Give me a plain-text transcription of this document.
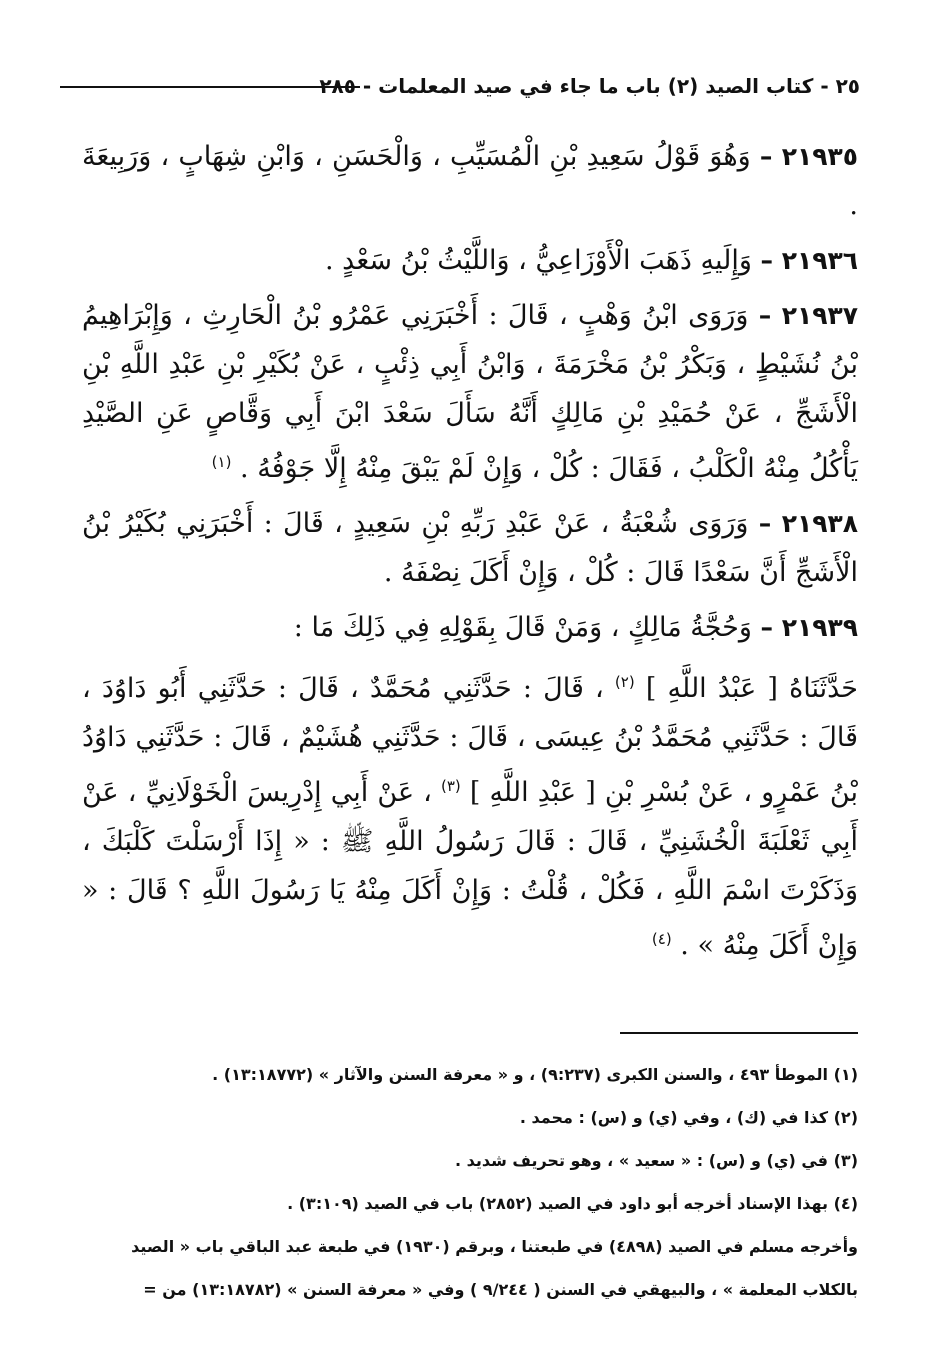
٢٥ - كتاب الصيد (٢) باب ما جاء في صيد المعلمات - ٢٨٥

٢١٩٣٥ – وَهُوَ قَوْلُ سَعِيدِ بْنِ الْمُسَيِّبِ ، وَالْحَسَنِ ، وَابْنِ شِهَابٍ ، وَرَبِيعَةَ .

٢١٩٣٦ – وَإِلَيهِ ذَهَبَ الْأَوْزَاعِيُّ ، وَاللَّيْثُ بْنُ سَعْدٍ .

٢١٩٣٧ – وَرَوَى ابْنُ وَهْبٍ ، قَالَ : أَخْبَرَنِي عَمْرُو بْنُ الْحَارِثِ ، وَإِبْرَاهِيمُ بْنُ نُشَيْطٍ ، وَبَكْرُ بْنُ مَخْرَمَةَ ، وَابْنُ أَبِي ذِئْبٍ ، عَنْ بُكَيْرِ بْنِ عَبْدِ اللَّهِ بْنِ الْأَشَجِّ ، عَنْ حُمَيْدِ بْنِ مَالِكٍ أَنَّهُ سَأَلَ سَعْدَ ابْنَ أَبِي وَقَّاصٍ عَنِ الصَّيْدِ يَأْكُلُ مِنْهُ الْكَلْبُ ، فَقَالَ : كُلْ ، وَإِنْ لَمْ يَبْقَ مِنْهُ إِلَّا جَوْفُهُ . $^{(١)}$

٢١٩٣٨ – وَرَوَى شُعْبَةُ ، عَنْ عَبْدِ رَبِّهِ بْنِ سَعِيدٍ ، قَالَ : أَخْبَرَنِي بُكَيْرُ بْنُ الْأَشَجِّ أَنَّ سَعْدًا قَالَ : كُلْ ، وَإِنْ أَكَلَ نِصْفَهُ .

٢١٩٣٩ – وَحُجَّةُ مَالِكٍ ، وَمَنْ قَالَ بِقَوْلِهِ فِي ذَلِكَ مَا :

حَدَّثَنَاهُ [ عَبْدُ اللَّهِ ] $^{(٢)}$ ، قَالَ : حَدَّثَنِي مُحَمَّدٌ ، قَالَ : حَدَّثَنِي أَبُو دَاوُدَ ، قَالَ : حَدَّثَنِي مُحَمَّدُ بْنُ عِيسَى ، قَالَ : حَدَّثَنِي هُشَيْمٌ ، قَالَ : حَدَّثَنِي دَاوُدُ بْنُ عَمْرٍو ، عَنْ بُسْرِ بْنِ [ عَبْدِ اللَّهِ ] $^{(٣)}$ ، عَنْ أَبِي إِدْرِيسَ الْخَوْلَانِيِّ ، عَنْ أَبِي ثَعْلَبَةَ الْخُشَنِيِّ ، قَالَ : قَالَ رَسُولُ اللَّهِ ﷺ : « إِذَا أَرْسَلْتَ كَلْبَكَ ، وَذَكَرْتَ اسْمَ اللَّهِ ، فَكُلْ ، قُلْتُ : وَإِنْ أَكَلَ مِنْهُ يَا رَسُولَ اللَّهِ ؟ قَالَ : « وَإِنْ أَكَلَ مِنْهُ » . $^{(٤)}$

(١) الموطأ ٤٩٣ ، والسنن الكبرى (٩:٢٣٧) ، و « معرفة السنن والآثار » (١٣:١٨٧٧٢) .

(٢) كذا في (ك) ، وفي (ي) و (س) : محمد .

(٣) في (ي) و (س) : « سعيد » ، وهو تحريف شديد .

(٤) بهذا الإسناد أخرجه أبو داود في الصيد (٢٨٥٢) باب في الصيد (٣:١٠٩) .

وأخرجه مسلم في الصيد (٤٨٩٨) في طبعتنا ، وبرقم (١٩٣٠) في طبعة عبد الباقي باب « الصيد

بالكلاب المعلمة » ، والبيهقي في السنن ( ٩/٢٤٤ ) وفي « معرفة السنن » (١٣:١٨٧٨٢) من =
